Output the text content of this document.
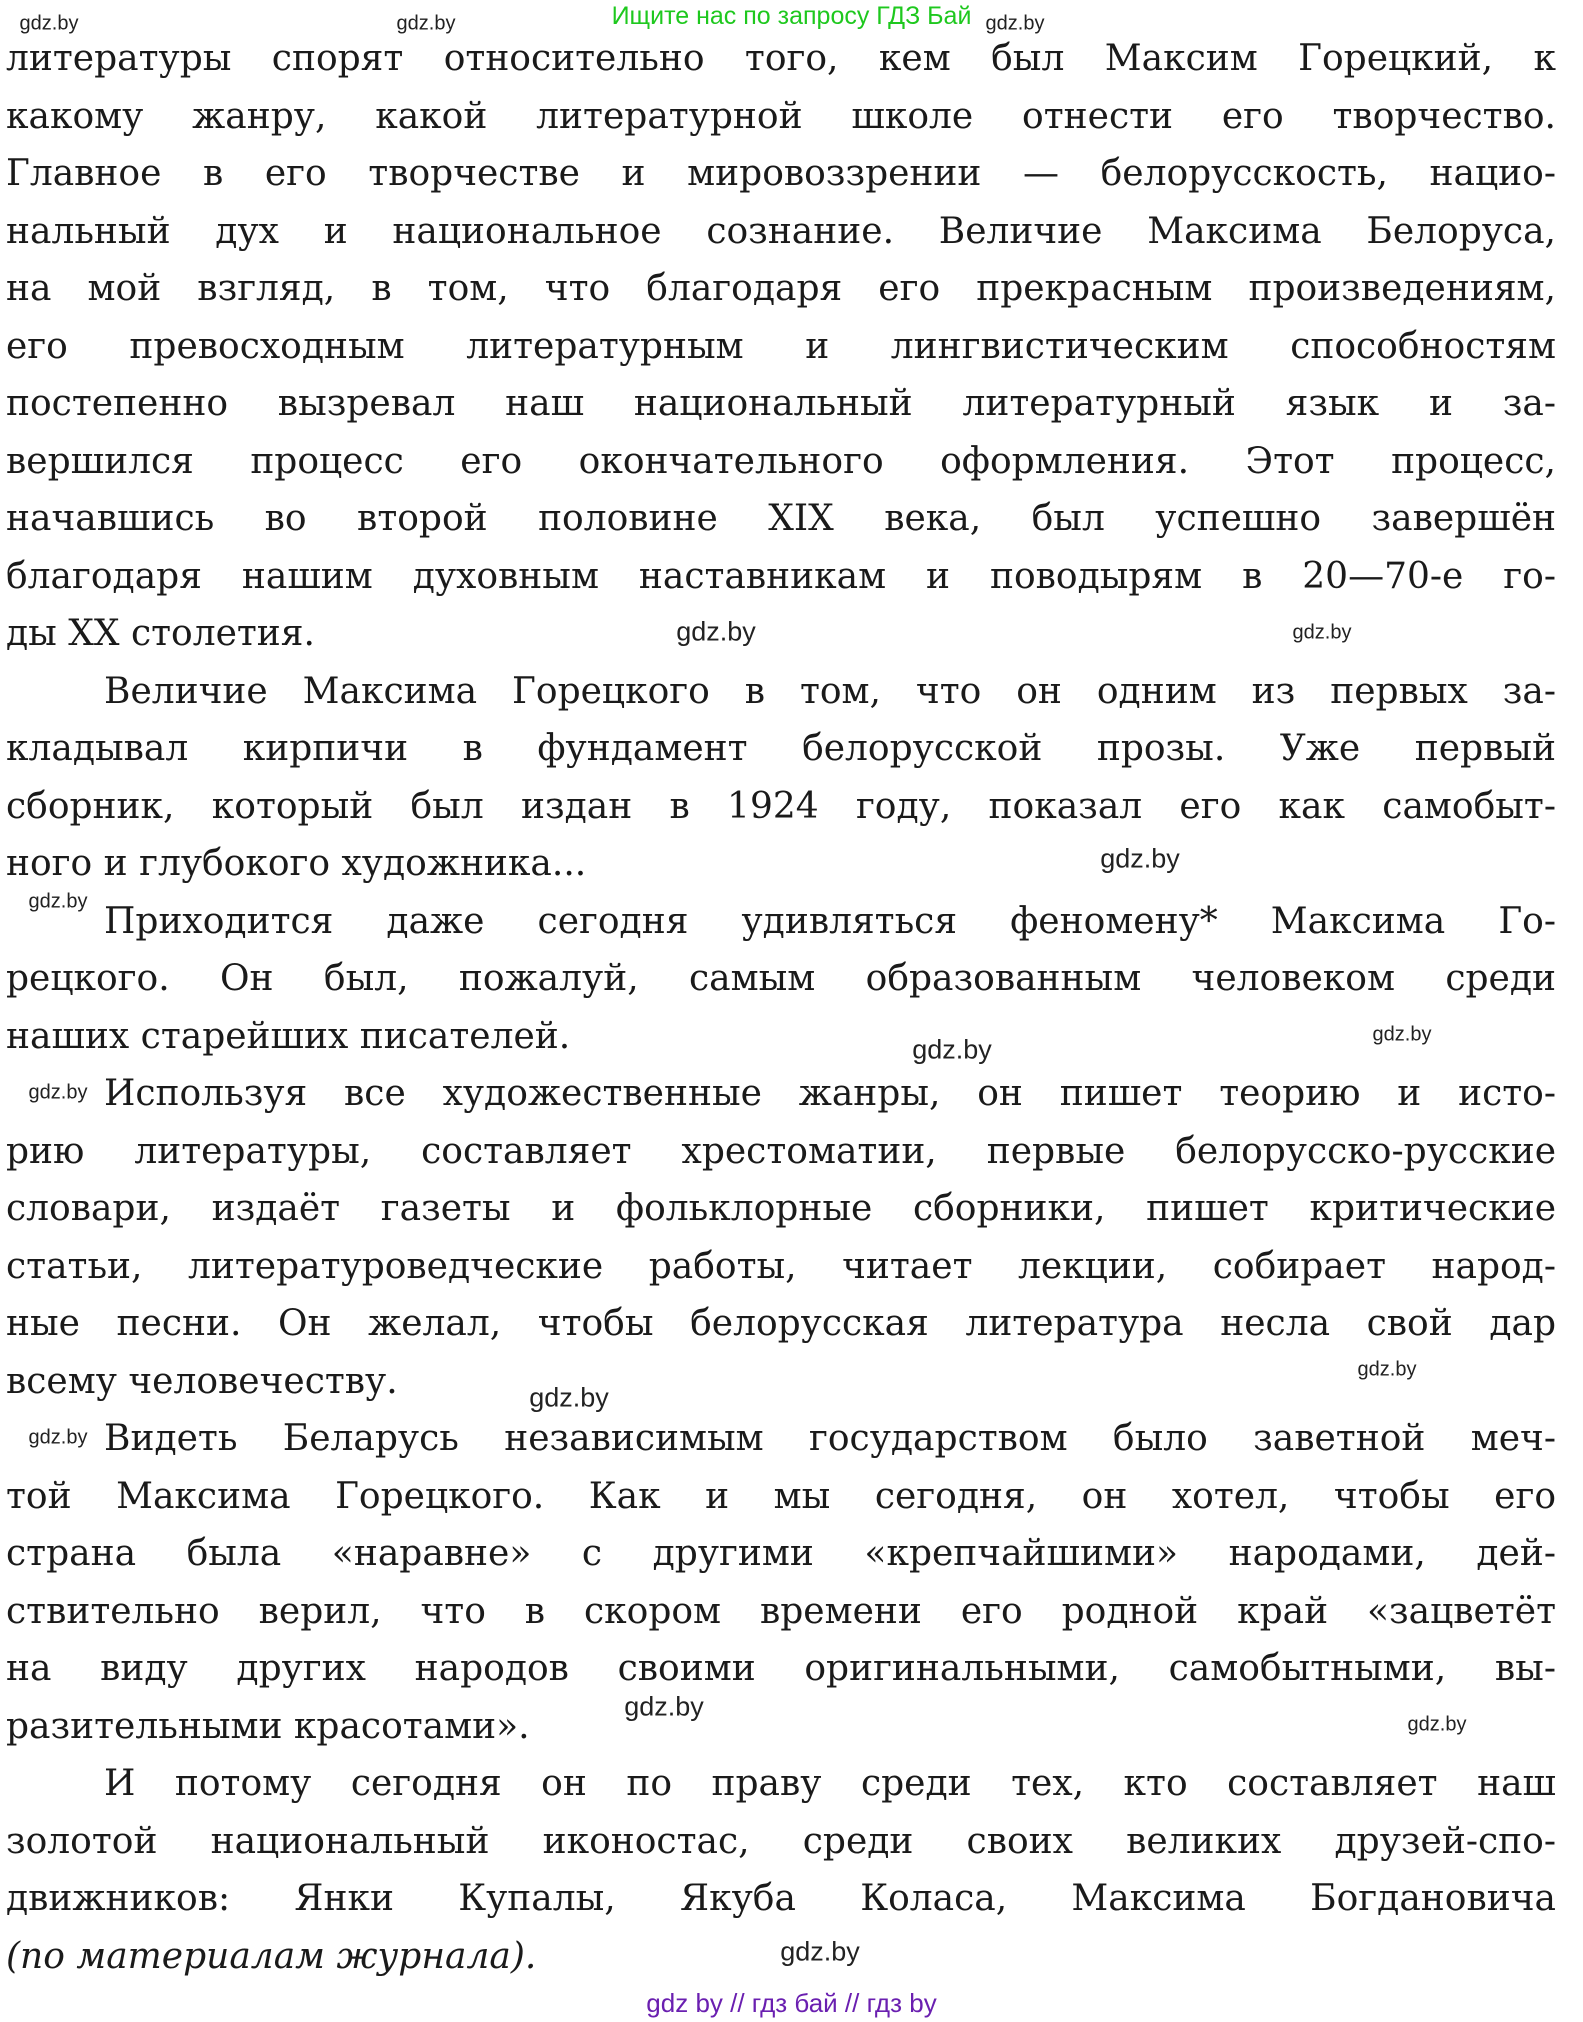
Ищите нас по запросу ГДЗ Бай
литературы спорят относительно того, кем был Максим Горецкий, к
какому жанру, какой литературной школе отнести его творчество.
Главное в его творчестве и мировоззрении — белорусскость, нацио-
нальный дух и национальное сознание. Величие Максима Белоруса,
на мой взгляд, в том, что благодаря его прекрасным произведениям,
его превосходным литературным и лингвистическим способностям
постепенно вызревал наш национальный литературный язык и за-
вершился процесс его окончательного оформления. Этот процесс,
начавшись во второй половине XIX века, был успешно завершён
благодаря нашим духовным наставникам и поводырям в 20—70-е го-
ды XX столетия.
Величие Максима Горецкого в том, что он одним из первых за-
кладывал кирпичи в фундамент белорусской прозы. Уже первый
сборник, который был издан в 1924 году, показал его как самобыт-
ного и глубокого художника...
Приходится даже сегодня удивляться феномену* Максима Го-
рецкого. Он был, пожалуй, самым образованным человеком среди
наших старейших писателей.
Используя все художественные жанры, он пишет теорию и исто-
рию литературы, составляет хрестоматии, первые белорусско-русские
словари, издаёт газеты и фольклорные сборники, пишет критические
статьи, литературоведческие работы, читает лекции, собирает народ-
ные песни. Он желал, чтобы белорусская литература несла свой дар
всему человечеству.
Видеть Беларусь независимым государством было заветной меч-
той Максима Горецкого. Как и мы сегодня, он хотел, чтобы его
страна была «наравне» с другими «крепчайшими» народами, дей-
ствительно верил, что в скором времени его родной край «зацветёт
на виду других народов своими оригинальными, самобытными, вы-
разительными красотами».
И потому сегодня он по праву среди тех, кто составляет наш
золотой национальный иконостас, среди своих великих друзей-спо-
движников: Янки Купалы, Якуба Коласа, Максима Богдановича
(по материалам журнала).
gdz.by	gdz.by
gdz.by
gdz.by
gdz.by
gdz.by
gdz.by
gdz.by
gdz.by
gdz.by
gdz.by
gdz.by
gdz.by
gdz.by
gdz.by
gdz.by
gdz by // гдз бай // гдз by
